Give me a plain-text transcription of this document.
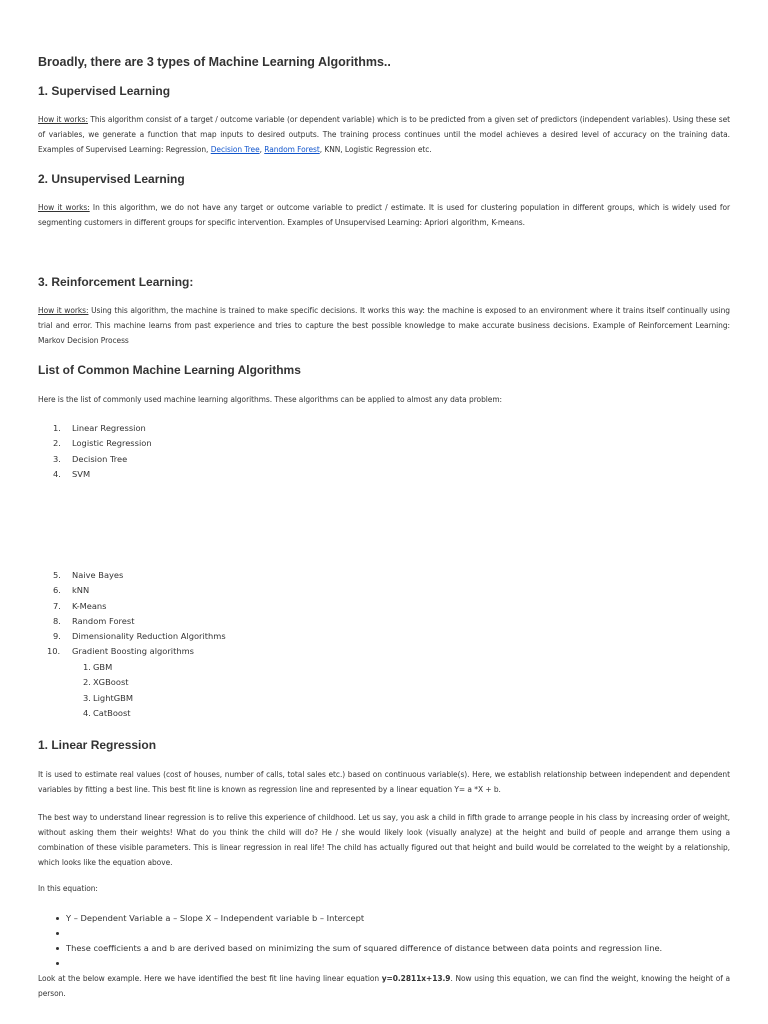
Broadly, there are 3 types of Machine Learning Algorithms..
1. Supervised Learning

How it works: This algorithm consist of a target / outcome variable (or dependent variable) which is to be predicted from a given set of predictors (independent variables). Using these set of variables, we generate a function that map inputs to desired outputs. The training process continues until the model achieves a desired level of accuracy on the training data. Examples of Supervised Learning: Regression, Decision Tree, Random Forest, KNN, Logistic Regression etc.

2. Unsupervised Learning

How it works: In this algorithm, we do not have any target or outcome variable to predict / estimate. It is used for clustering population in different groups, which is widely used for segmenting customers in different groups for specific intervention. Examples of Unsupervised Learning: Apriori algorithm, K-means.

3. Reinforcement Learning:

How it works: Using this algorithm, the machine is trained to make specific decisions. It works this way: the machine is exposed to an environment where it trains itself continually using trial and error. This machine learns from past experience and tries to capture the best possible knowledge to make accurate business decisions. Example of Reinforcement Learning: Markov Decision Process

List of Common Machine Learning Algorithms

Here is the list of commonly used machine learning algorithms. These algorithms can be applied to almost any data problem:

1. Linear Regression
2. Logistic Regression
3. Decision Tree
4. SVM
5. Naive Bayes
6. kNN
7. K-Means
8. Random Forest
9. Dimensionality Reduction Algorithms
10. Gradient Boosting algorithms
1. GBM
2. XGBoost
3. LightGBM
4. CatBoost
1. Linear Regression

It is used to estimate real values (cost of houses, number of calls, total sales etc.) based on continuous variable(s). Here, we establish relationship between independent and dependent variables by fitting a best line. This best fit line is known as regression line and represented by a linear equation Y= a *X + b.

The best way to understand linear regression is to relive this experience of childhood. Let us say, you ask a child in fifth grade to arrange people in his class by increasing order of weight, without asking them their weights! What do you think the child will do? He / she would likely look (visually analyze) at the height and build of people and arrange them using a combination of these visible parameters. This is linear regression in real life! The child has actually figured out that height and build would be correlated to the weight by a relationship, which looks like the equation above.

In this equation:

Y – Dependent Variable a – Slope X – Independent variable b – Intercept
These coefficients a and b are derived based on minimizing the sum of squared difference of distance between data points and regression line.

Look at the below example. Here we have identified the best fit line having linear equation y=0.2811x+13.9. Now using this equation, we can find the weight, knowing the height of a person.
